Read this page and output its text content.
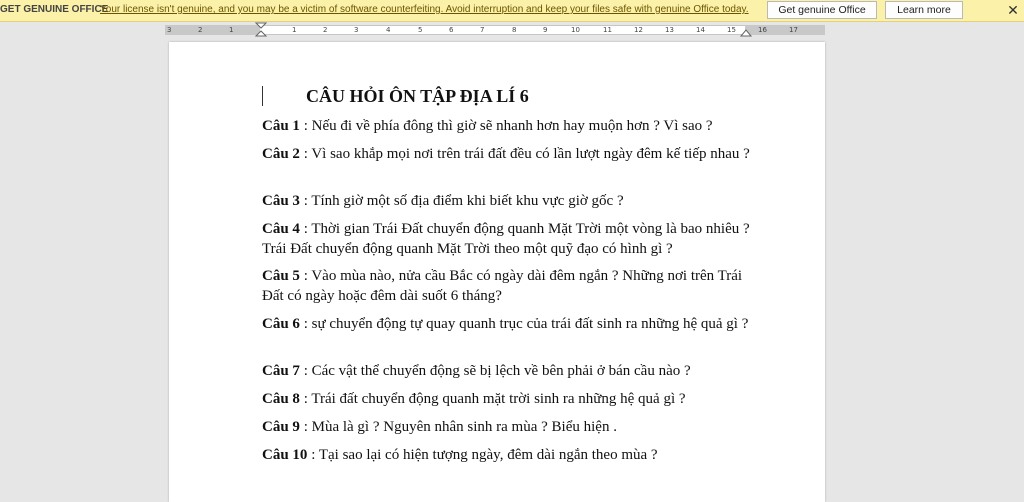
GET GENUINE OFFICE
Your license isn't genuine, and you may be a victim of software counterfeiting. Avoid interruption and keep your files safe with genuine Office today.	Get genuine Office	Learn more	✕
3	2	1	1	2	3	4	5	6	7	8	9	10	11	12	13	14	15	16	17
CÂU HỎI ÔN TẬP ĐỊA LÍ 6
Câu 1 : Nếu đi về phía đông thì giờ sẽ nhanh hơn hay muộn hơn ? Vì sao ?
Câu 2 : Vì sao khắp mọi nơi trên trái đất đều có lần lượt ngày đêm kế tiếp nhau ?
Câu 3 : Tính giờ một số địa điểm khi biết khu vực giờ gốc ?
Câu 4 : Thời gian Trái Đất chuyển động quanh Mặt Trời một vòng là bao nhiêu ? Trái Đất chuyển động quanh Mặt Trời theo một quỹ đạo có hình gì ?
Câu 5 : Vào mùa nào, nửa cầu Bắc có ngày dài đêm ngắn ? Những nơi trên Trái Đất có ngày hoặc đêm dài suốt 6 tháng?
Câu 6 : sự chuyển động tự quay quanh trục của trái đất sinh ra những hệ quả gì ?
Câu 7 : Các vật thể chuyển động sẽ bị lệch về bên phải ở bán cầu nào ?
Câu 8 : Trái đất chuyển động quanh mặt trời sinh ra những hệ quả gì ?
Câu 9 : Mùa là gì ? Nguyên nhân sinh ra mùa ? Biểu hiện .
Câu 10 : Tại sao lại có hiện tượng ngày, đêm dài ngắn theo mùa ?
